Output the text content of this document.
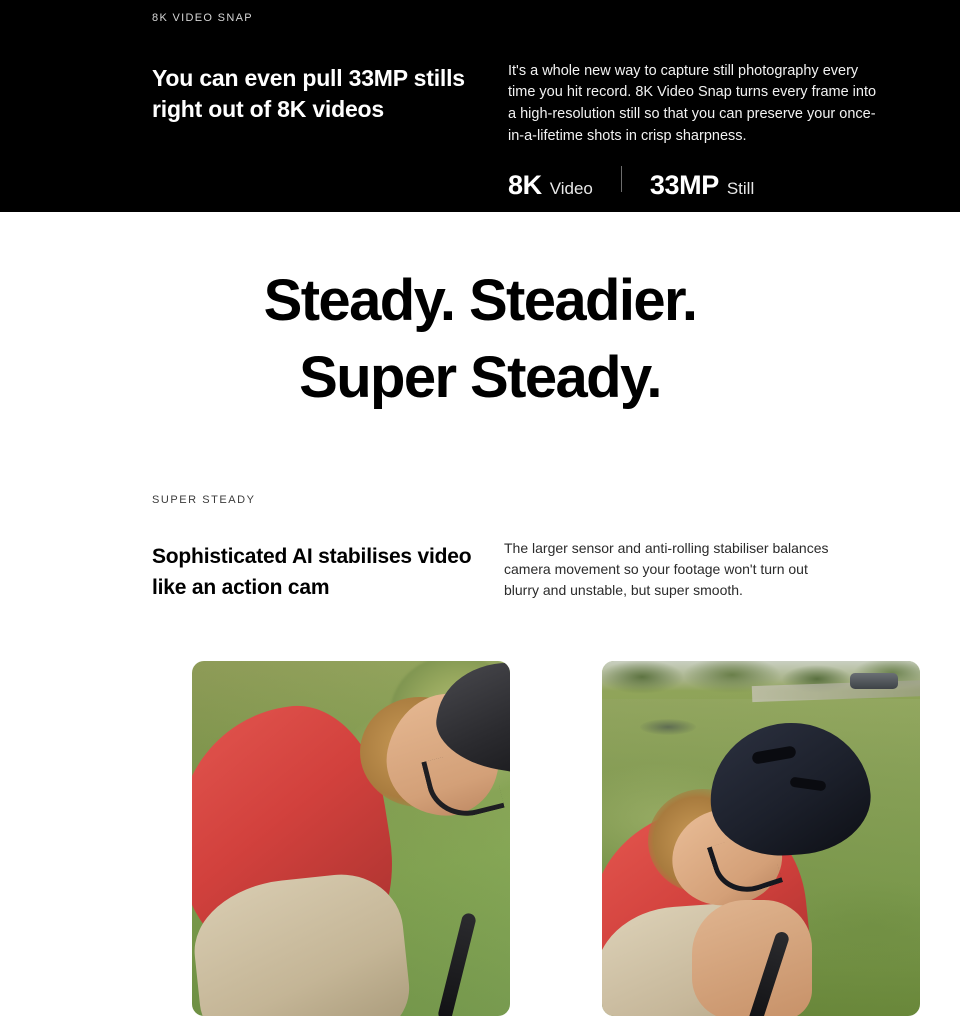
8K VIDEO SNAP
You can even pull 33MP stills right out of 8K videos

It's a whole new way to capture still photography every time you hit record. 8K Video Snap turns every frame into a high-resolution still so that you can preserve your once-in-a-lifetime shots in crisp sharpness.

8K Video 33MP Still
Steady. Steadier.
Super Steady.
SUPER STEADY
Sophisticated AI stabilises video like an action cam

The larger sensor and anti-rolling stabiliser balances camera movement so your footage won't turn out blurry and unstable, but super smooth.
